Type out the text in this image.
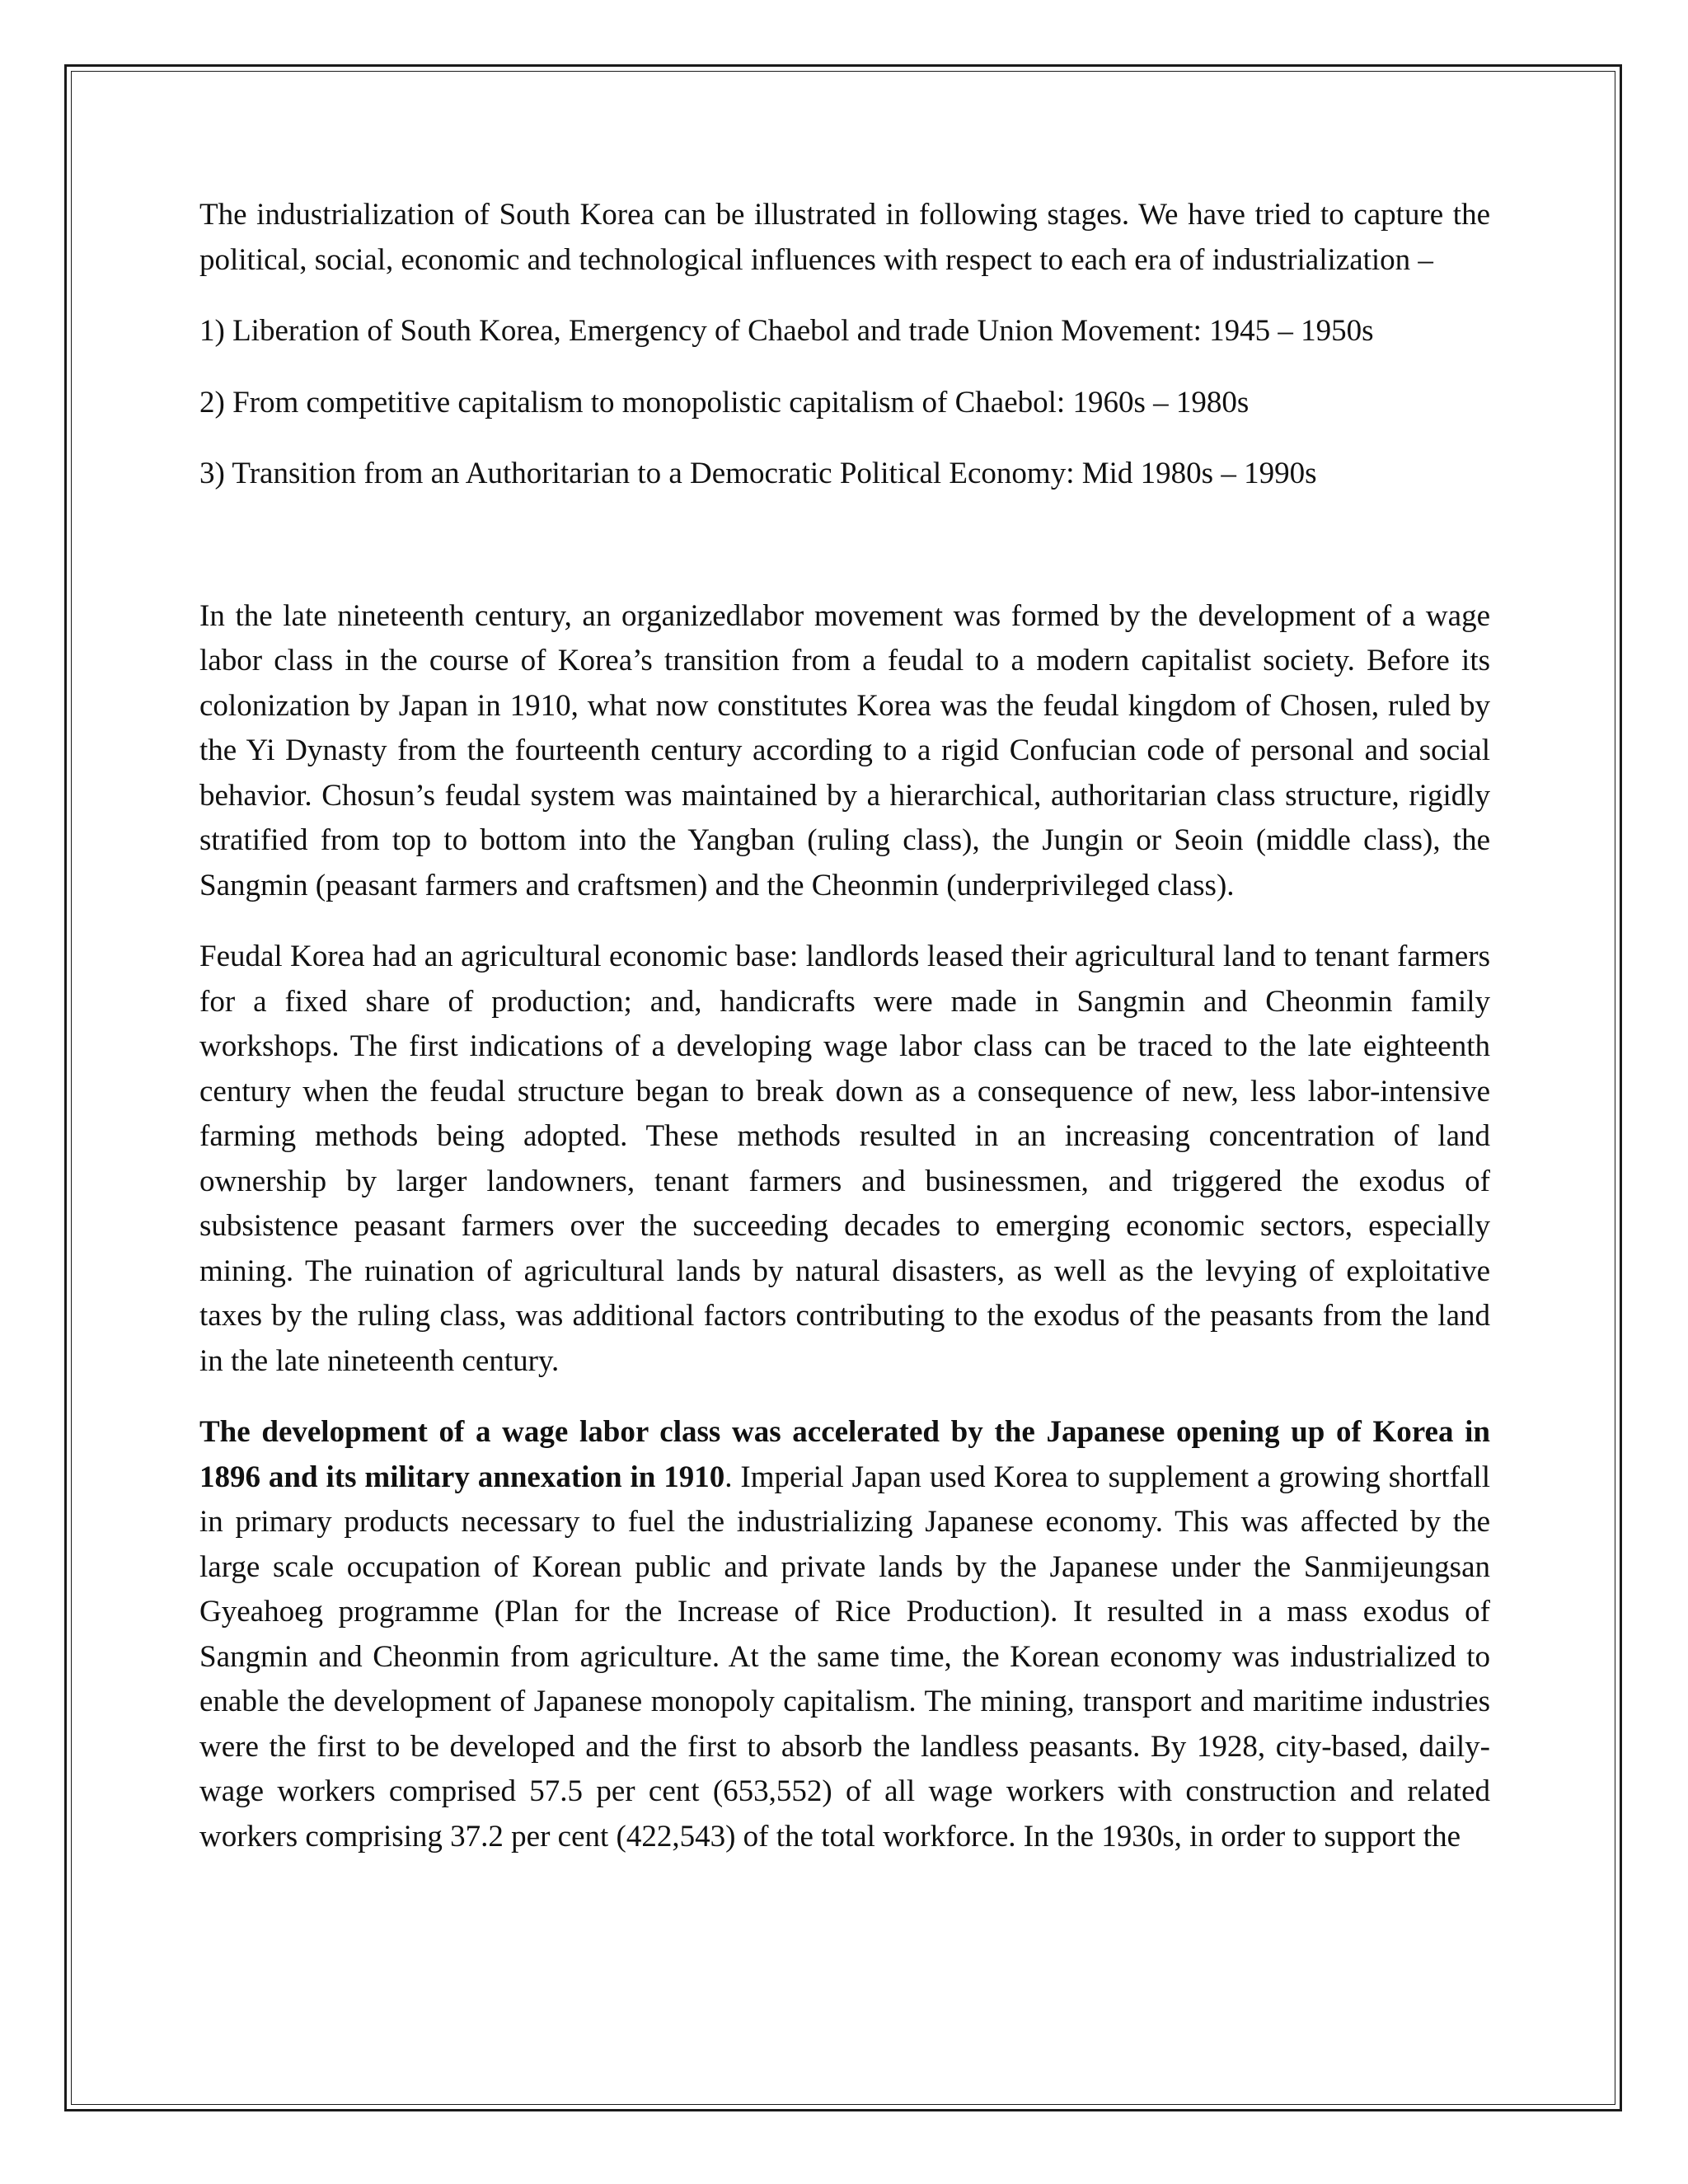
The industrialization of South Korea can be illustrated in following stages. We have tried to capture the political, social, economic and technological influences with respect to each era of industrialization –

1) Liberation of South Korea, Emergency of Chaebol and trade Union Movement: 1945 – 1950s

2) From competitive capitalism to monopolistic capitalism of Chaebol: 1960s – 1980s

3) Transition from an Authoritarian to a Democratic Political Economy: Mid 1980s – 1990s

In the late nineteenth century, an organizedlabor movement was formed by the development of a wage labor class in the course of Korea’s transition from a feudal to a modern capitalist society. Before its colonization by Japan in 1910, what now constitutes Korea was the feudal kingdom of Chosen, ruled by the Yi Dynasty from the fourteenth century according to a rigid Confucian code of personal and social behavior. Chosun’s feudal system was maintained by a hierarchical, authoritarian class structure, rigidly stratified from top to bottom into the Yangban (ruling class), the Jungin or Seoin (middle class), the Sangmin (peasant farmers and craftsmen) and the Cheonmin (underprivileged class).

Feudal Korea had an agricultural economic base: landlords leased their agricultural land to tenant farmers for a fixed share of production; and, handicrafts were made in Sangmin and Cheonmin family workshops. The first indications of a developing wage labor class can be traced to the late eighteenth century when the feudal structure began to break down as a consequence of new, less labor-intensive farming methods being adopted. These methods resulted in an increasing concentration of land ownership by larger landowners, tenant farmers and businessmen, and triggered the exodus of subsistence peasant farmers over the succeeding decades to emerging economic sectors, especially mining. The ruination of agricultural lands by natural disasters, as well as the levying of exploitative taxes by the ruling class, was additional factors contributing to the exodus of the peasants from the land in the late nineteenth century.

The development of a wage labor class was accelerated by the Japanese opening up of Korea in 1896 and its military annexation in 1910. Imperial Japan used Korea to supplement a growing shortfall in primary products necessary to fuel the industrializing Japanese economy. This was affected by the large scale occupation of Korean public and private lands by the Japanese under the Sanmijeungsan Gyeahoeg programme (Plan for the Increase of Rice Production). It resulted in a mass exodus of Sangmin and Cheonmin from agriculture. At the same time, the Korean economy was industrialized to enable the development of Japanese monopoly capitalism. The mining, transport and maritime industries were the first to be developed and the first to absorb the landless peasants. By 1928, city-based, daily-wage workers comprised 57.5 per cent (653,552) of all wage workers with construction and related workers comprising 37.2 per cent (422,543) of the total workforce. In the 1930s, in order to support the
